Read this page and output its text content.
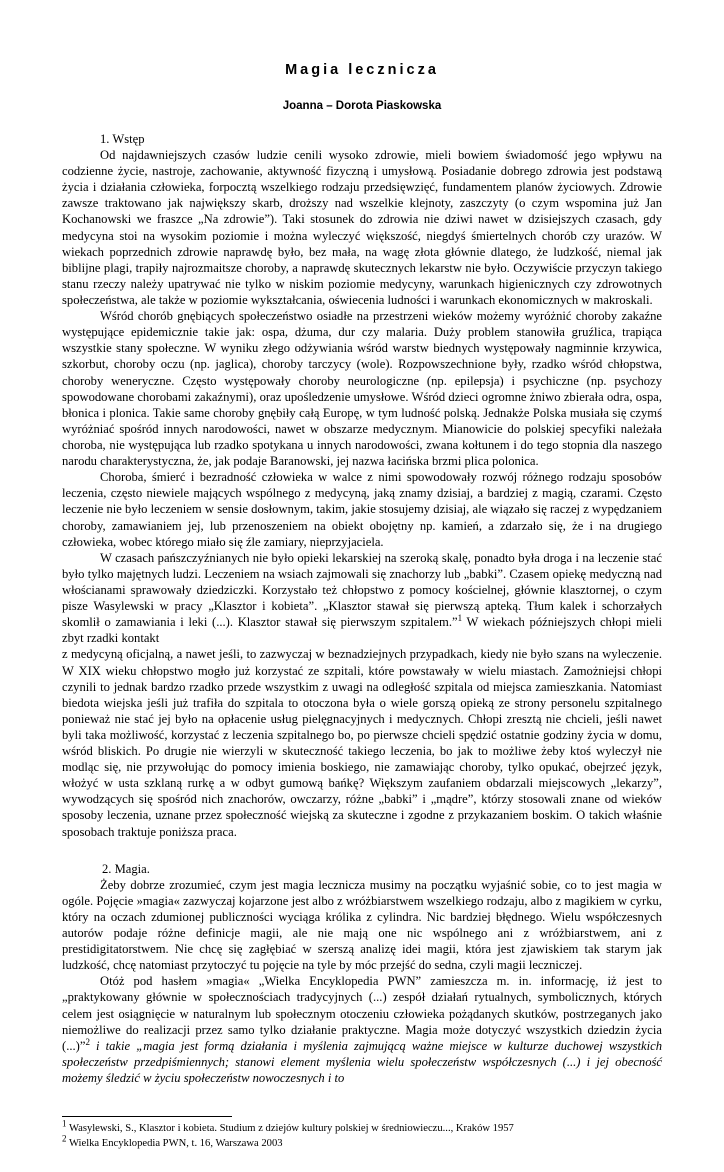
Magia lecznicza
Joanna – Dorota Piaskowska
1. Wstęp

Od najdawniejszych czasów ludzie cenili wysoko zdrowie, mieli bowiem świadomość jego wpływu na codzienne życie, nastroje, zachowanie, aktywność fizyczną i umysłową. Posiadanie dobrego zdrowia jest podstawą życia i działania człowieka, forpocztą wszelkiego rodzaju przedsięwzięć, fundamentem planów życiowych. Zdrowie zawsze traktowano jak największy skarb, droższy nad wszelkie klejnoty, zaszczyty (o czym wspomina już Jan Kochanowski we fraszce „Na zdrowie”). Taki stosunek do zdrowia nie dziwi nawet w dzisiejszych czasach, gdy medycyna stoi na wysokim poziomie i można wyleczyć większość, niegdyś śmiertelnych chorób czy urazów. W wiekach poprzednich zdrowie naprawdę było, bez mała, na wagę złota głównie dlatego, że ludzkość, niemal jak biblijne plagi, trapiły najrozmaitsze choroby, a naprawdę skutecznych lekarstw nie było. Oczywiście przyczyn takiego stanu rzeczy należy upatrywać nie tylko w niskim poziomie medycyny, warunkach higienicznych czy zdrowotnych społeczeństwa, ale także w poziomie wykształcania, oświecenia ludności i warunkach ekonomicznych w makroskali.

Wśród chorób gnębiących społeczeństwo osiadłe na przestrzeni wieków możemy wyróżnić choroby zakaźne występujące epidemicznie takie jak: ospa, dżuma, dur czy malaria. Duży problem stanowiła gruźlica, trapiąca wszystkie stany społeczne. W wyniku złego odżywiania wśród warstw biednych występowały nagminnie krzywica, szkorbut, choroby oczu (np. jaglica), choroby tarczycy (wole). Rozpowszechnione były, rzadko wśród chłopstwa, choroby weneryczne. Często występowały choroby neurologiczne (np. epilepsja) i psychiczne (np. psychozy spowodowane chorobami zakaźnymi), oraz upośledzenie umysłowe. Wśród dzieci ogromne żniwo zbierała odra, ospa, błonica i plonica. Takie same choroby gnębiły całą Europę, w tym ludność polską. Jednakże Polska musiała się czymś wyróżniać spośród innych narodowości, nawet w obszarze medycznym. Mianowicie do polskiej specyfiki należała choroba, nie występująca lub rzadko spotykana u innych narodowości, zwana kołtunem i do tego stopnia dla naszego narodu charakterystyczna, że, jak podaje Baranowski, jej nazwa łacińska brzmi plica polonica.

Choroba, śmierć i bezradność człowieka w walce z nimi spowodowały rozwój różnego rodzaju sposobów leczenia, często niewiele mających wspólnego z medycyną, jaką znamy dzisiaj, a bardziej z magią, czarami. Często leczenie nie było leczeniem w sensie dosłownym, takim, jakie stosujemy dzisiaj, ale wiązało się raczej z wypędzaniem choroby, zamawianiem jej, lub przenoszeniem na obiekt obojętny np. kamień, a zdarzało się, że i na drugiego człowieka, wobec którego miało się źle zamiary, nieprzyjaciela.

W czasach pańszczyźnianych nie było opieki lekarskiej na szeroką skalę, ponadto była droga i na leczenie stać było tylko majętnych ludzi. Leczeniem na wsiach zajmowali się znachorzy lub „babki”. Czasem opiekę medyczną nad włościanami sprawowały dziedziczki. Korzystało też chłopstwo z pomocy kościelnej, głównie klasztornej, o czym pisze Wasylewski w pracy „Klasztor i kobieta”. „Klasztor stawał się pierwszą apteką. Tłum kalek i schorzałych skomlił o zamawiania i leki (...). Klasztor stawał się pierwszym szpitalem.”$^1$ W wiekach późniejszych chłopi mieli zbyt rzadki kontakt

z medycyną oficjalną, a nawet jeśli, to zazwyczaj w beznadziejnych przypadkach, kiedy nie było szans na wyleczenie. W XIX wieku chłopstwo mogło już korzystać ze szpitali, które powstawały w wielu miastach. Zamożniejsi chłopi czynili to jednak bardzo rzadko przede wszystkim z uwagi na odległość szpitala od miejsca zamieszkania. Natomiast biedota wiejska jeśli już trafiła do szpitala to otoczona była o wiele gorszą opieką ze strony personelu szpitalnego ponieważ nie stać jej było na opłacenie usług pielęgnacyjnych i medycznych. Chłopi zresztą nie chcieli, jeśli nawet byli taka możliwość, korzystać z leczenia szpitalnego bo, po pierwsze chcieli spędzić ostatnie godziny życia w domu, wśród bliskich. Po drugie nie wierzyli w skuteczność takiego leczenia, bo jak to możliwe żeby ktoś wyleczył nie modląc się, nie przywołując do pomocy imienia boskiego, nie zamawiając choroby, tylko opukać, obejrzeć język, włożyć w usta szklaną rurkę a w odbyt gumową bańkę? Większym zaufaniem obdarzali miejscowych „lekarzy”, wywodzących się spośród nich znachorów, owczarzy, różne „babki” i „mądre”, którzy stosowali znane od wieków sposoby leczenia, uznane przez społeczność wiejską za skuteczne i zgodne z przykazaniem boskim. O takich właśnie sposobach traktuje poniższa praca.

2. Magia.

Żeby dobrze zrozumieć, czym jest magia lecznicza musimy na początku wyjaśnić sobie, co to jest magia w ogóle. Pojęcie »magia« zazwyczaj kojarzone jest albo z wróżbiarstwem wszelkiego rodzaju, albo z magikiem w cyrku, który na oczach zdumionej publiczności wyciąga królika z cylindra. Nic bardziej błędnego. Wielu współczesnych autorów podaje różne definicje magii, ale nie mają one nic wspólnego ani z wróżbiarstwem, ani z prestidigitatorstwem. Nie chcę się zagłębiać w szerszą analizę idei magii, która jest zjawiskiem tak starym jak ludzkość, chcę natomiast przytoczyć tu pojęcie na tyle by móc przejść do sedna, czyli magii leczniczej.

Otóż pod hasłem »magia« „Wielka Encyklopedia PWN” zamieszcza m. in. informację, iż jest to „praktykowany głównie w społecznościach tradycyjnych (...) zespół działań rytualnych, symbolicznych, których celem jest osiągnięcie w naturalnym lub społecznym otoczeniu człowieka pożądanych skutków, postrzeganych jako niemożliwe do realizacji przez samo tylko działanie praktyczne. Magia może dotyczyć wszystkich dziedzin życia (...)”$^2$ i takie „magia jest formą działania i myślenia zajmującą ważne miejsce w kulturze duchowej wszystkich społeczeństw przedpiśmiennych; stanowi element myślenia wielu społeczeństw współczesnych (...) i jej obecność możemy śledzić w życiu społeczeństw nowoczesnych i to

$^1$ Wasylewski, S., Klasztor i kobieta. Studium z dziejów kultury polskiej w średniowieczu..., Kraków 1957

$^2$ Wielka Encyklopedia PWN, t. 16, Warszawa 2003
